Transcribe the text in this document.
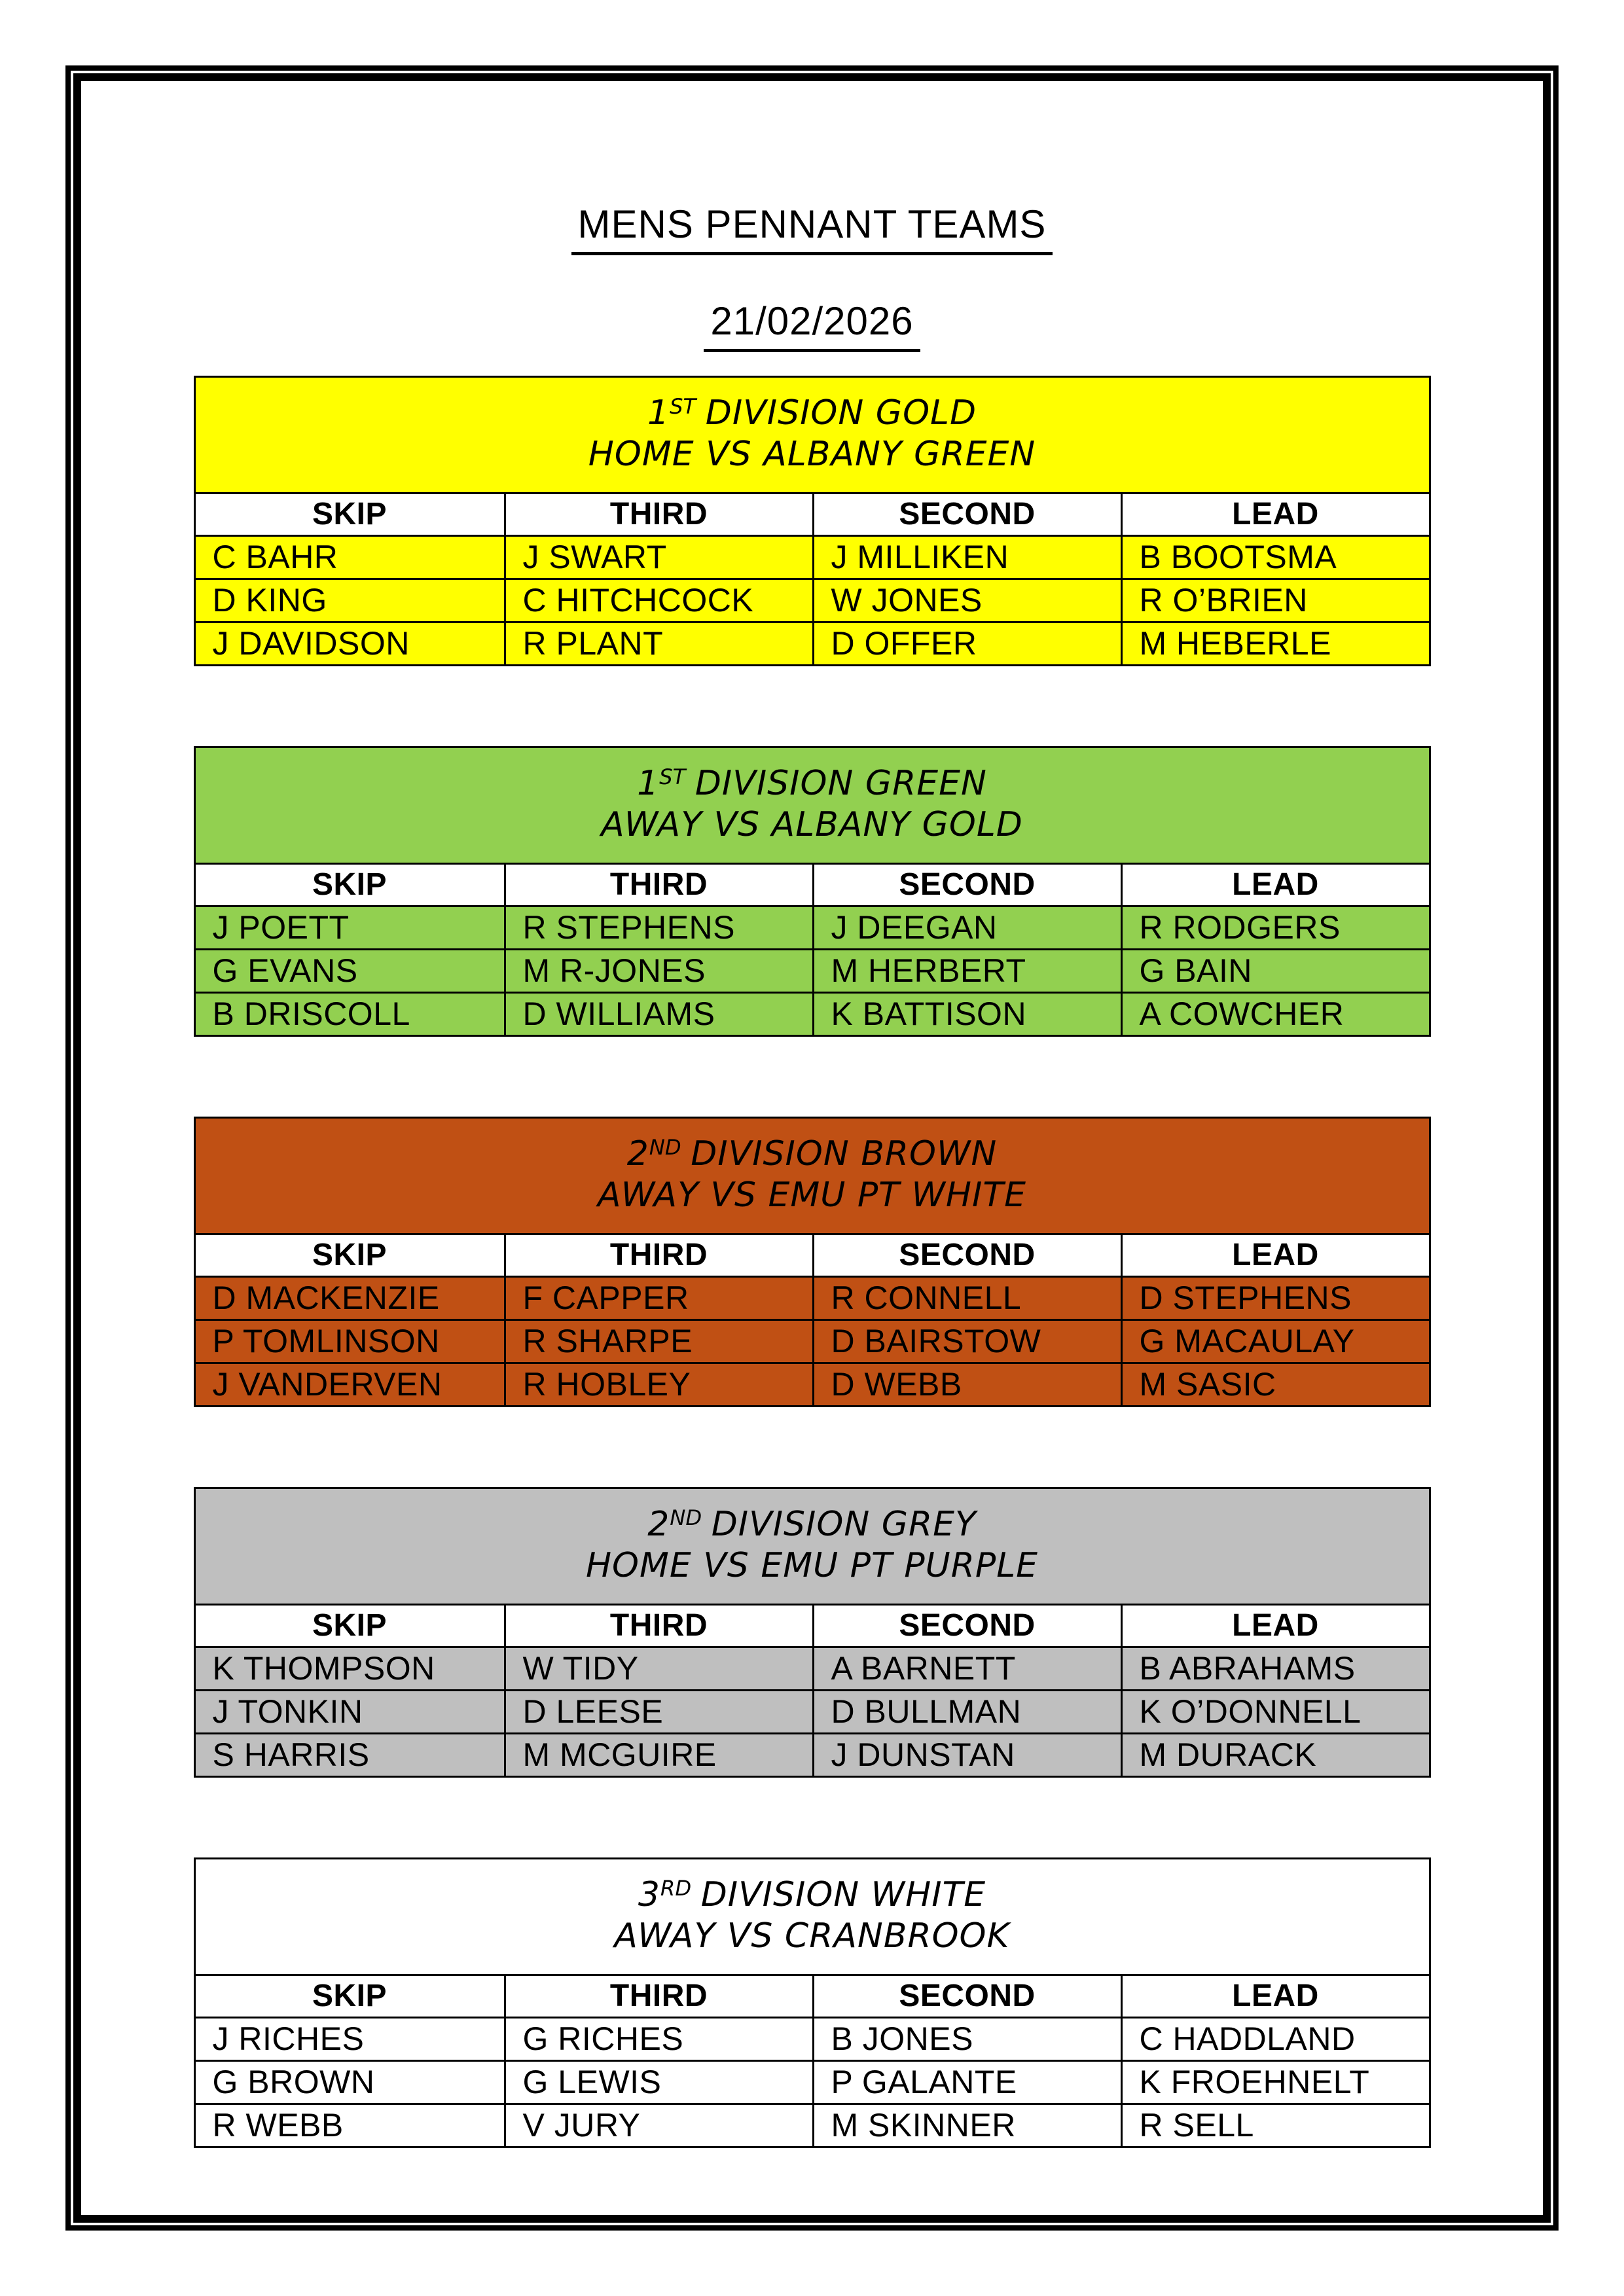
MENS PENNANT TEAMS
21/02/2026
1ST DIVISION GOLD
HOME VS ALBANY GREEN
SKIP	THIRD	SECOND	LEAD
C BAHR	J SWART	J MILLIKEN	B BOOTSMA
D KING	C HITCHCOCK	W JONES	R O’BRIEN
J DAVIDSON	R PLANT	D OFFER	M HEBERLE
1ST DIVISION GREEN
AWAY VS ALBANY GOLD
SKIP	THIRD	SECOND	LEAD
J POETT	R STEPHENS	J DEEGAN	R RODGERS
G EVANS	M R-JONES	M HERBERT	G BAIN
B DRISCOLL	D WILLIAMS	K BATTISON	A COWCHER
2ND DIVISION BROWN
AWAY VS EMU PT WHITE
SKIP	THIRD	SECOND	LEAD
D MACKENZIE	F CAPPER	R CONNELL	D STEPHENS
P TOMLINSON	R SHARPE	D BAIRSTOW	G MACAULAY
J VANDERVEN	R HOBLEY	D WEBB	M SASIC
2ND DIVISION GREY
HOME VS EMU PT PURPLE
SKIP	THIRD	SECOND	LEAD
K THOMPSON	W TIDY	A BARNETT	B ABRAHAMS
J TONKIN	D LEESE	D BULLMAN	K O’DONNELL
S HARRIS	M MCGUIRE	J DUNSTAN	M DURACK
3RD DIVISION WHITE
AWAY VS CRANBROOK
SKIP	THIRD	SECOND	LEAD
J RICHES	G RICHES	B JONES	C HADDLAND
G BROWN	G LEWIS	P GALANTE	K FROEHNELT
R WEBB	V JURY	M SKINNER	R SELL
